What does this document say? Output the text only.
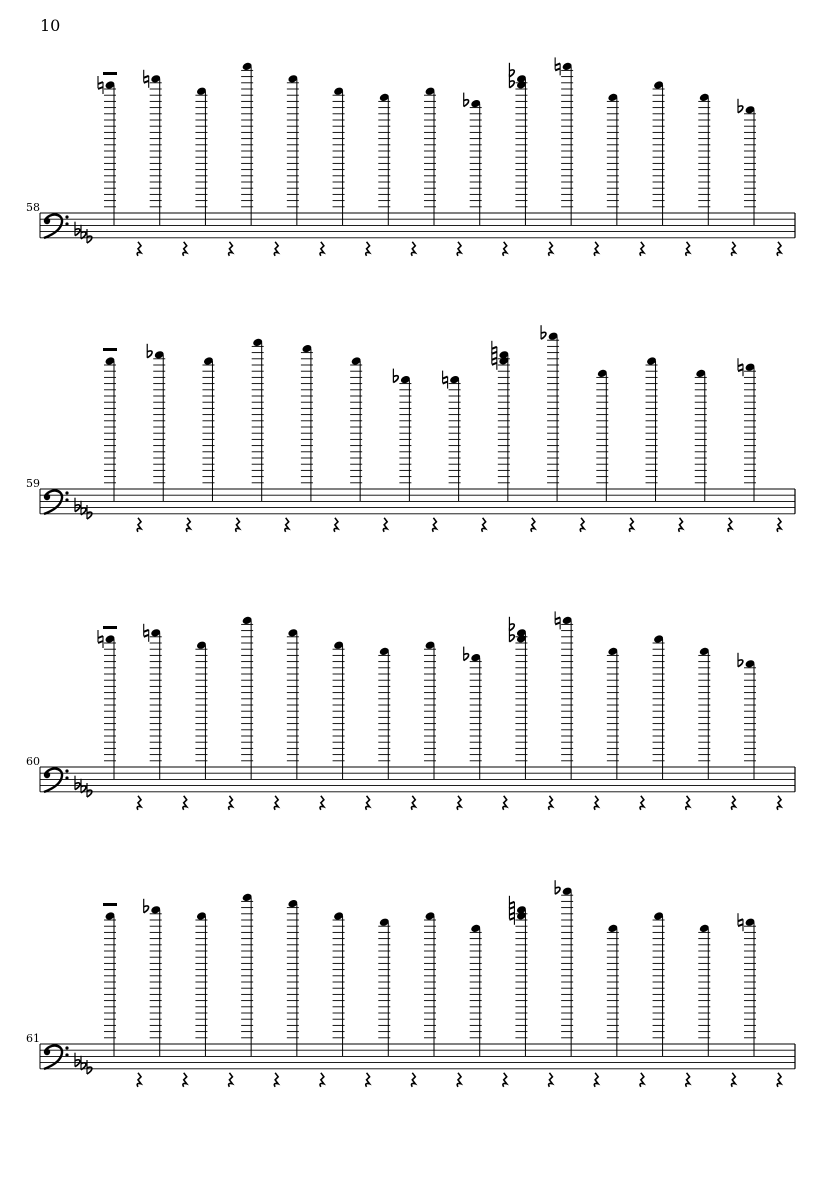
10
58
59
60
61
